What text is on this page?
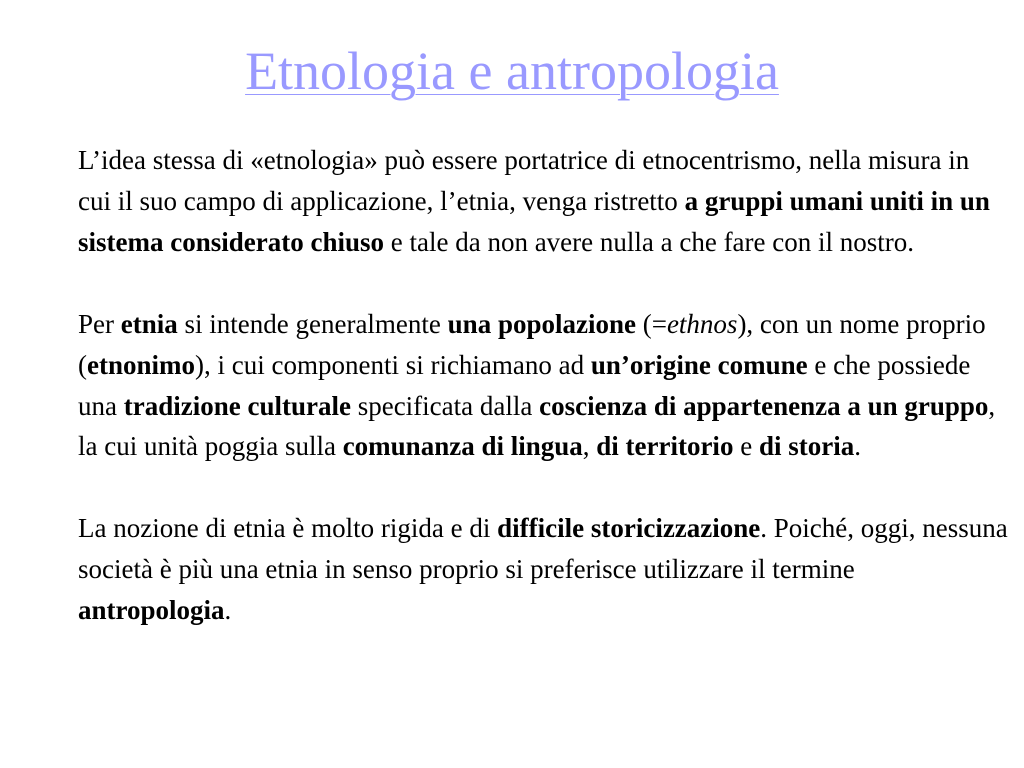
Etnologia e antropologia

L’idea stessa di «etnologia» può essere portatrice di etnocentrismo, nella misura in cui il suo campo di applicazione, l’etnia, venga ristretto a gruppi umani uniti in un sistema considerato chiuso e tale da non avere nulla a che fare con il nostro.

Per etnia si intende generalmente una popolazione (=ethnos), con un nome proprio (etnonimo), i cui componenti si richiamano ad un’origine comune e che possiede una tradizione culturale specificata dalla coscienza di appartenenza a un gruppo, la cui unità poggia sulla comunanza di lingua, di territorio e di storia.

La nozione di etnia è molto rigida e di difficile storicizzazione. Poiché, oggi, nessuna società è più una etnia in senso proprio si preferisce utilizzare il termine antropologia.
